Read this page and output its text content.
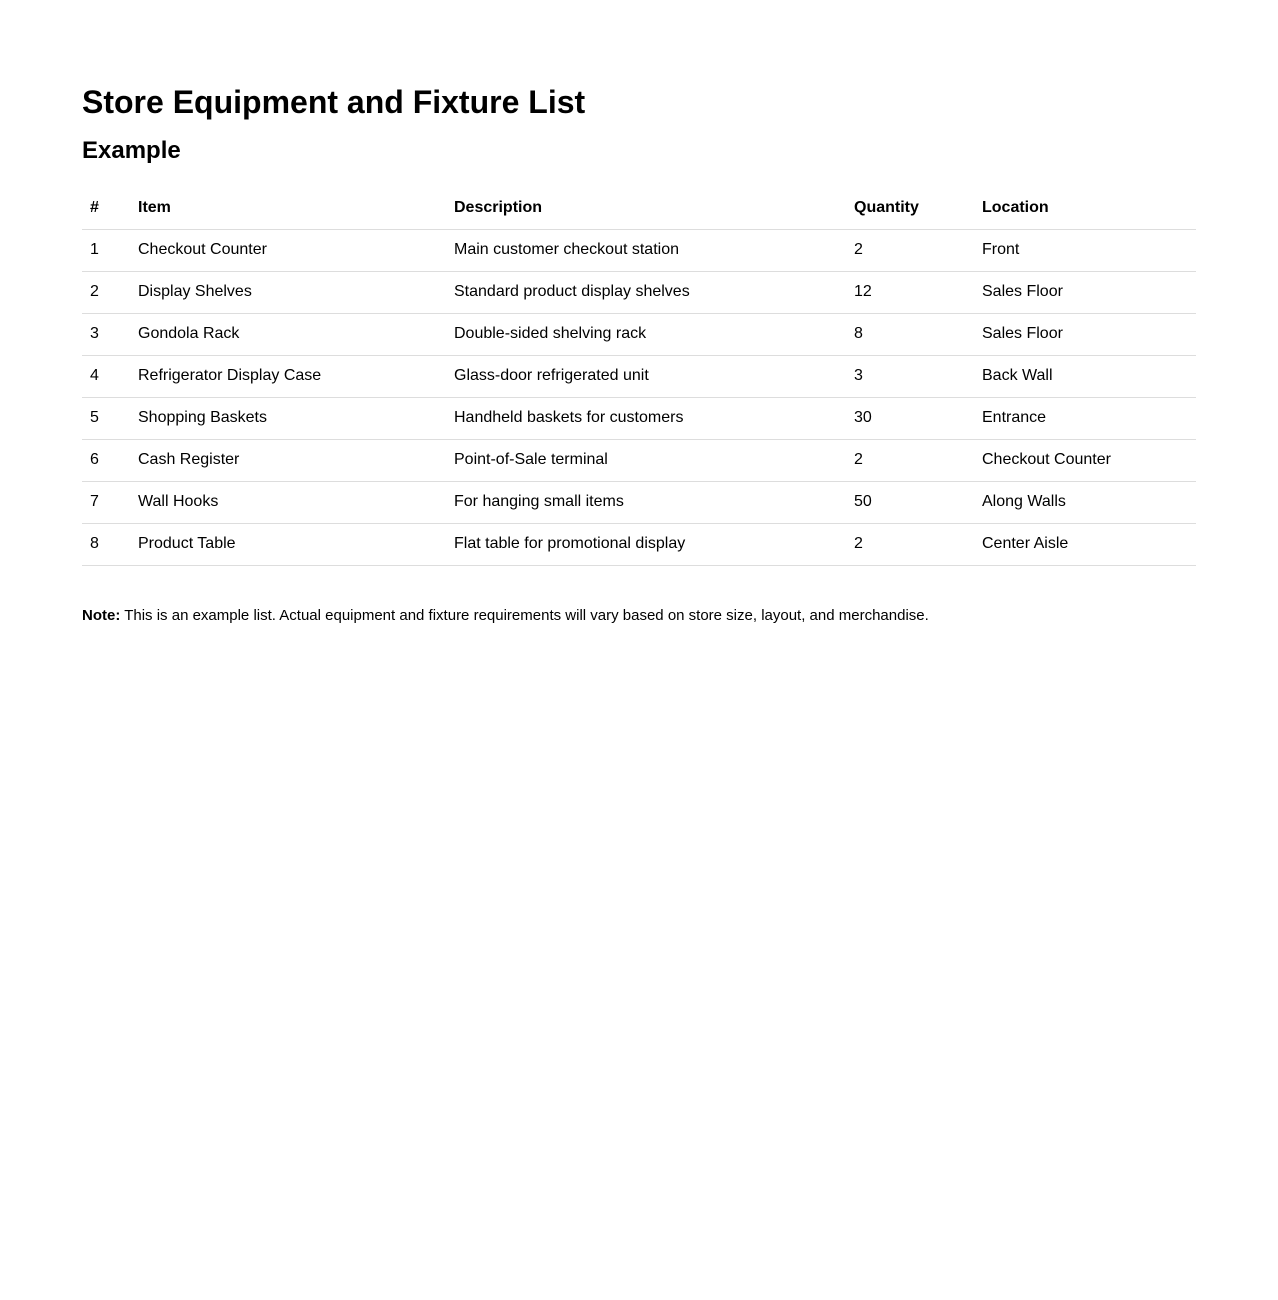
Store Equipment and Fixture List
Example
#	Item	Description	Quantity	Location
1	Checkout Counter	Main customer checkout station	2	Front
2	Display Shelves	Standard product display shelves	12	Sales Floor
3	Gondola Rack	Double-sided shelving rack	8	Sales Floor
4	Refrigerator Display Case	Glass-door refrigerated unit	3	Back Wall
5	Shopping Baskets	Handheld baskets for customers	30	Entrance
6	Cash Register	Point-of-Sale terminal	2	Checkout Counter
7	Wall Hooks	For hanging small items	50	Along Walls
8	Product Table	Flat table for promotional display	2	Center Aisle

Note: This is an example list. Actual equipment and fixture requirements will vary based on store size, layout, and merchandise.
